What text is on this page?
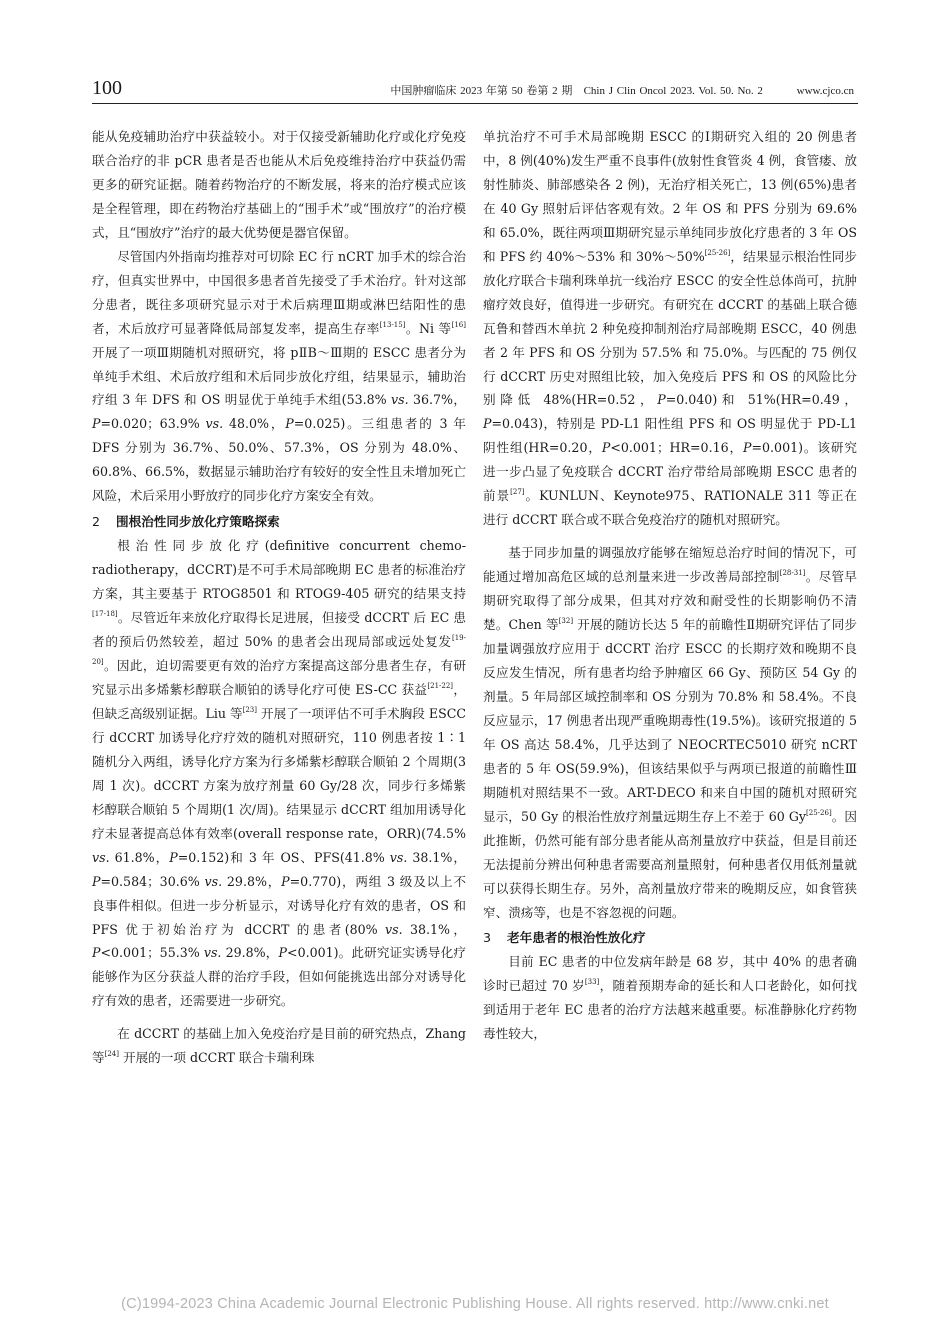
100	中国肿瘤临床 2023 年第 50 卷第 2 期 Chin J Clin Oncol 2023. Vol. 50. No. 2	www.cjco.cn

能从免疫辅助治疗中获益较小。对于仅接受新辅助化疗或化疗免疫联合治疗的非 pCR 患者是否也能从术后免疫维持治疗中获益仍需更多的研究证据。随着药物治疗的不断发展，将来的治疗模式应该是全程管理，即在药物治疗基础上的“围手术”或“围放疗”的治疗模式，且“围放疗”治疗的最大优势便是器官保留。

尽管国内外指南均推荐对可切除 EC 行 nCRT 加手术的综合治疗，但真实世界中，中国很多患者首先接受了手术治疗。针对这部分患者，既往多项研究显示对于术后病理Ⅲ期或淋巴结阳性的患者，术后放疗可显著降低局部复发率，提高生存率[13-15]。Ni 等[16] 开展了一项Ⅲ期随机对照研究，将 pⅡB～Ⅲ期的 ESCC 患者分为单纯手术组、术后放疗组和术后同步放化疗组，结果显示，辅助治疗组 3 年 DFS 和 OS 明显优于单纯手术组(53.8% vs. 36.7%，P=0.020；63.9% vs. 48.0%，P=0.025)。三组患者的 3 年 DFS 分别为 36.7%、50.0%、57.3%，OS 分别为 48.0%、60.8%、66.5%，数据显示辅助治疗有较好的安全性且未增加死亡风险，术后采用小野放疗的同步化疗方案安全有效。

2 围根治性同步放化疗策略探索

根治性同步放化疗(definitive concurrent chemo-radiotherapy，dCCRT)是不可手术局部晚期 EC 患者的标准治疗方案，其主要基于 RTOG8501 和 RTOG9-405 研究的结果支持[17-18]。尽管近年来放化疗取得长足进展，但接受 dCCRT 后 EC 患者的预后仍然较差，超过 50% 的患者会出现局部或远处复发[19-20]。因此，迫切需要更有效的治疗方案提高这部分患者生存，有研究显示出多烯紫杉醇联合顺铂的诱导化疗可使 ES-CC 获益[21-22]，但缺乏高级别证据。Liu 等[23] 开展了一项评估不可手术胸段 ESCC 行 dCCRT 加诱导化疗疗效的随机对照研究，110 例患者按 1∶1 随机分入两组，诱导化疗方案为行多烯紫杉醇联合顺铂 2 个周期(3 周 1 次)。dCCRT 方案为放疗剂量 60 Gy/28 次，同步行多烯紫杉醇联合顺铂 5 个周期(1 次/周)。结果显示 dCCRT 组加用诱导化疗未显著提高总体有效率(overall response rate，ORR)(74.5% vs. 61.8%，P=0.152)和 3 年 OS、PFS(41.8% vs. 38.1%，P=0.584；30.6% vs. 29.8%，P=0.770)，两组 3 级及以上不良事件相似。但进一步分析显示，对诱导化疗有效的患者，OS 和 PFS 优于初始治疗为 dCCRT 的患者(80% vs. 38.1%，P<0.001；55.3% vs. 29.8%，P<0.001)。此研究证实诱导化疗能够作为区分获益人群的治疗手段，但如何能挑选出部分对诱导化疗有效的患者，还需要进一步研究。

在 dCCRT 的基础上加入免疫治疗是目前的研究热点，Zhang 等[24] 开展的一项 dCCRT 联合卡瑞利珠

单抗治疗不可手术局部晚期 ESCC 的Ⅰ期研究入组的 20 例患者中，8 例(40%)发生严重不良事件(放射性食管炎 4 例，食管瘘、放射性肺炎、肺部感染各 2 例)，无治疗相关死亡，13 例(65%)患者在 40 Gy 照射后评估客观有效。2 年 OS 和 PFS 分别为 69.6% 和 65.0%，既往两项Ⅲ期研究显示单纯同步放化疗患者的 3 年 OS 和 PFS 约 40%～53% 和 30%～50%[25-26]，结果显示根治性同步放化疗联合卡瑞利珠单抗一线治疗 ESCC 的安全性总体尚可，抗肿瘤疗效良好，值得进一步研究。有研究在 dCCRT 的基础上联合德瓦鲁和替西木单抗 2 种免疫抑制剂治疗局部晚期 ESCC，40 例患者 2 年 PFS 和 OS 分别为 57.5% 和 75.0%。与匹配的 75 例仅行 dCCRT 历史对照组比较，加入免疫后 PFS 和 OS 的风险比分别降低 48%(HR=0.52，P=0.040)和 51%(HR=0.49，P=0.043)，特别是 PD-L1 阳性组 PFS 和 OS 明显优于 PD-L1 阴性组(HR=0.20，P<0.001；HR=0.16，P=0.001)。该研究进一步凸显了免疫联合 dCCRT 治疗带给局部晚期 ESCC 患者的前景[27]。KUNLUN、Keynote975、RATIONALE 311 等正在进行 dCCRT 联合或不联合免疫治疗的随机对照研究。

基于同步加量的调强放疗能够在缩短总治疗时间的情况下，可能通过增加高危区域的总剂量来进一步改善局部控制[28-31]。尽管早期研究取得了部分成果，但其对疗效和耐受性的长期影响仍不清楚。Chen 等[32] 开展的随访长达 5 年的前瞻性Ⅱ期研究评估了同步加量调强放疗应用于 dCCRT 治疗 ESCC 的长期疗效和晚期不良反应发生情况，所有患者均给予肿瘤区 66 Gy、预防区 54 Gy 的剂量。5 年局部区域控制率和 OS 分别为 70.8% 和 58.4%。不良反应显示，17 例患者出现严重晚期毒性(19.5%)。该研究报道的 5 年 OS 高达 58.4%，几乎达到了 NEOCRTEC5010 研究 nCRT 患者的 5 年 OS(59.9%)，但该结果似乎与两项已报道的前瞻性Ⅲ期随机对照结果不一致。ART-DECO 和来自中国的随机对照研究显示，50 Gy 的根治性放疗剂量远期生存上不差于 60 Gy[25-26]。因此推断，仍然可能有部分患者能从高剂量放疗中获益，但是目前还无法提前分辨出何种患者需要高剂量照射，何种患者仅用低剂量就可以获得长期生存。另外，高剂量放疗带来的晚期反应，如食管狭窄、溃疡等，也是不容忽视的问题。

3 老年患者的根治性放化疗

目前 EC 患者的中位发病年龄是 68 岁，其中 40% 的患者确诊时已超过 70 岁[33]，随着预期寿命的延长和人口老龄化，如何找到适用于老年 EC 患者的治疗方法越来越重要。标准静脉化疗药物毒性较大，

(C)1994-2023 China Academic Journal Electronic Publishing House. All rights reserved. http://www.cnki.net
